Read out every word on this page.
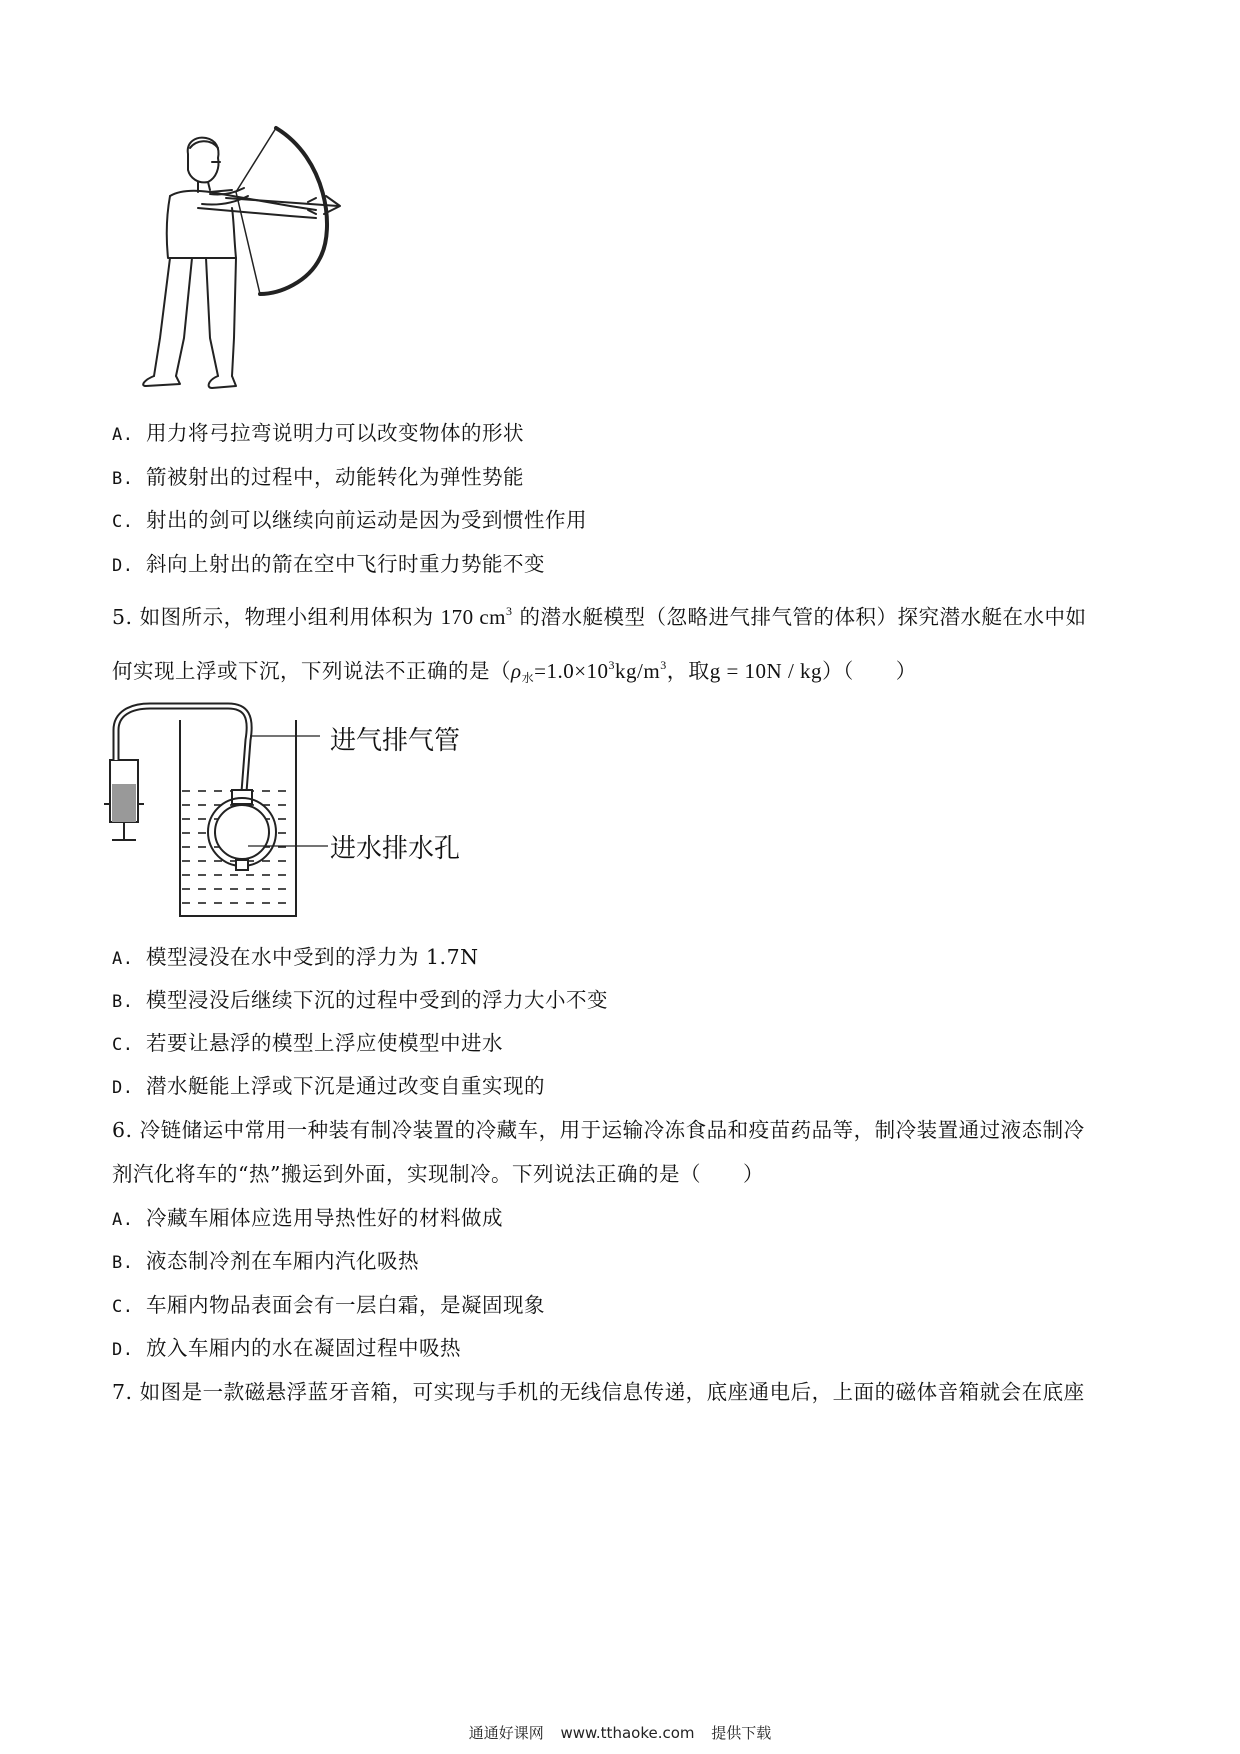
A. 用力将弓拉弯说明力可以改变物体的形状
B. 箭被射出的过程中，动能转化为弹性势能
C. 射出的剑可以继续向前运动是因为受到惯性作用
D. 斜向上射出的箭在空中飞行时重力势能不变
5. 如图所示，物理小组利用体积为 170 $cm^3$ 的潜水艇模型（忽略进气排气管的体积）探究潜水艇在水中如
何实现上浮或下沉，下列说法不正确的是（$\rho_水=1.0\times 10^3kg/m^3$，取g = 10N / kg）（　　）
进气排气管
进水排水孔
A. 模型浸没在水中受到的浮力为 1.7N
B. 模型浸没后继续下沉的过程中受到的浮力大小不变
C. 若要让悬浮的模型上浮应使模型中进水
D. 潜水艇能上浮或下沉是通过改变自重实现的
6. 冷链储运中常用一种装有制冷装置的冷藏车，用于运输冷冻食品和疫苗药品等，制冷装置通过液态制冷
剂汽化将车的“热”搬运到外面，实现制冷。下列说法正确的是（　　）
A. 冷藏车厢体应选用导热性好的材料做成
B. 液态制冷剂在车厢内汽化吸热
C. 车厢内物品表面会有一层白霜，是凝固现象
D. 放入车厢内的水在凝固过程中吸热
7. 如图是一款磁悬浮蓝牙音箱，可实现与手机的无线信息传递，底座通电后，上面的磁体音箱就会在底座
通通好课网 www.tthaoke.com 提供下载
